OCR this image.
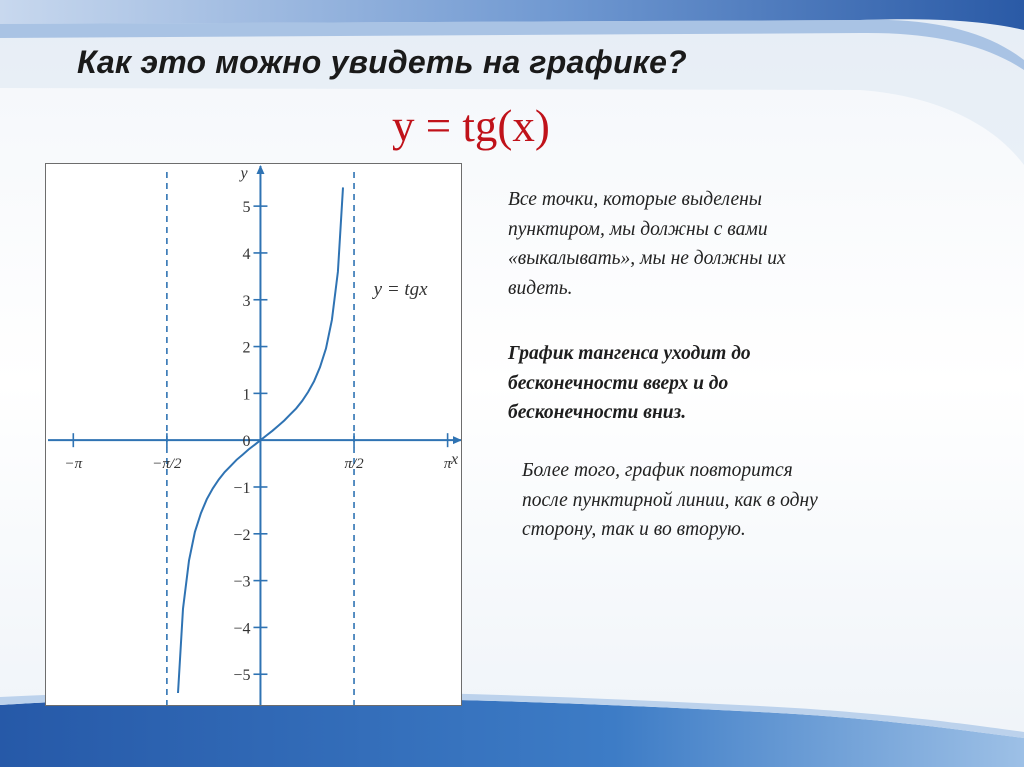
Как это можно увидеть на графике?
y = tg(x)
−5
−4
−3
−2
−1
0
1
2
3
4
5
−π	−π/2	π/2	π x
y
y = tgx
Все точки, которые выделены
пунктиром, мы должны с вами
«выкалывать», мы не должны их
видеть.
График тангенса уходит до
бесконечности вверх и до
бесконечности вниз.
Более того, график повторится
после пунктирной линии, как в одну
сторону, так и во вторую.
